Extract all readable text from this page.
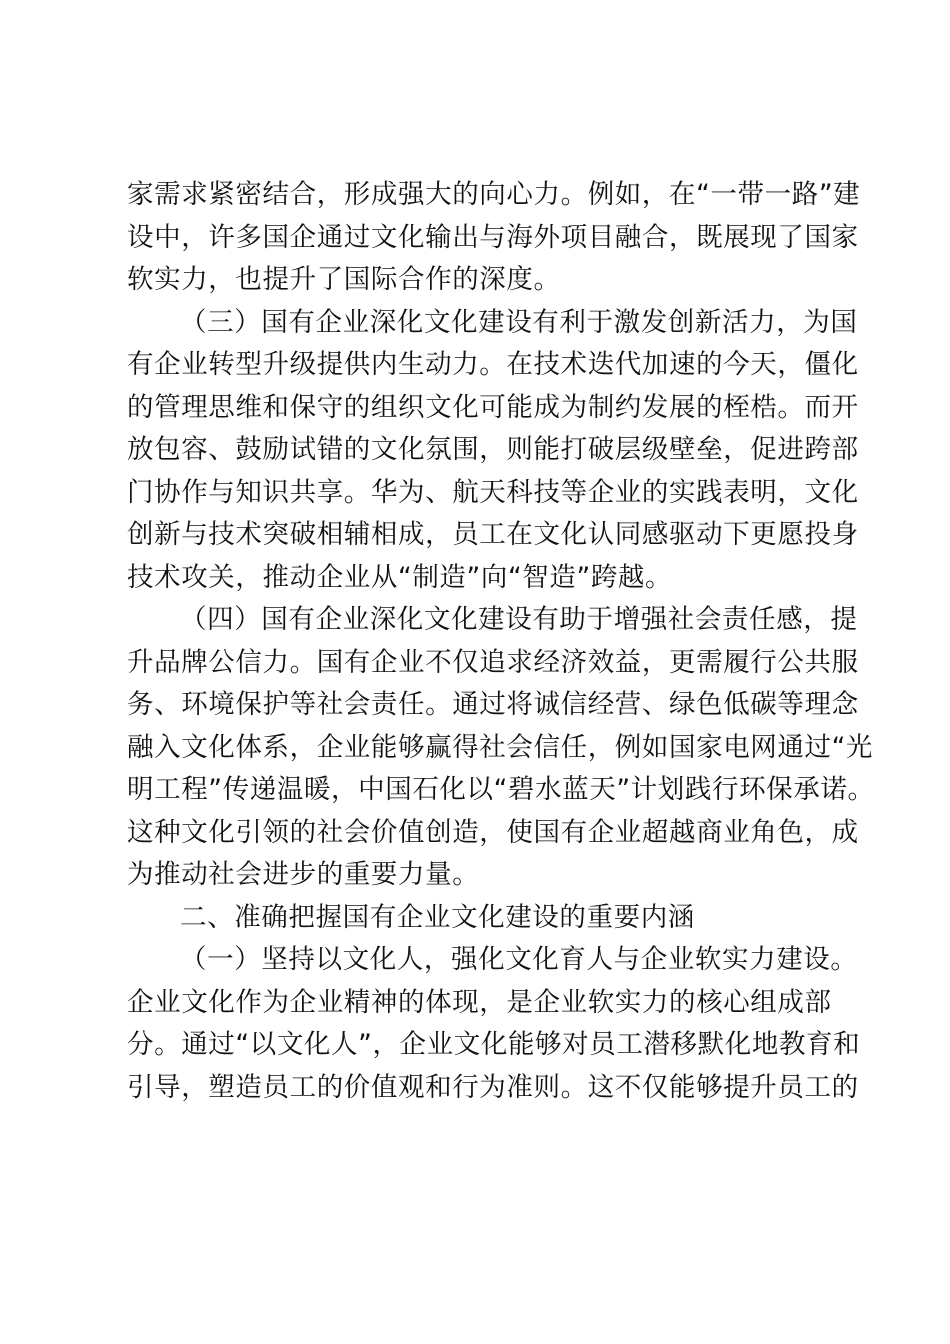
家需求紧密结合，形成强大的向心力。例如，在“一带一路”建
设中，许多国企通过文化输出与海外项目融合，既展现了国家
软实力，也提升了国际合作的深度。
（三）国有企业深化文化建设有利于激发创新活力，为国
有企业转型升级提供内生动力。在技术迭代加速的今天，僵化
的管理思维和保守的组织文化可能成为制约发展的桎梏。而开
放包容、鼓励试错的文化氛围，则能打破层级壁垒，促进跨部
门协作与知识共享。华为、航天科技等企业的实践表明，文化
创新与技术突破相辅相成，员工在文化认同感驱动下更愿投身
技术攻关，推动企业从“制造”向“智造”跨越。
（四）国有企业深化文化建设有助于增强社会责任感，提
升品牌公信力。国有企业不仅追求经济效益，更需履行公共服
务、环境保护等社会责任。通过将诚信经营、绿色低碳等理念
融入文化体系，企业能够赢得社会信任，例如国家电网通过“光
明工程”传递温暖，中国石化以“碧水蓝天”计划践行环保承诺。
这种文化引领的社会价值创造，使国有企业超越商业角色，成
为推动社会进步的重要力量。
二、准确把握国有企业文化建设的重要内涵
（一）坚持以文化人，强化文化育人与企业软实力建设。
企业文化作为企业精神的体现，是企业软实力的核心组成部
分。通过“以文化人”，企业文化能够对员工潜移默化地教育和
引导，塑造员工的价值观和行为准则。这不仅能够提升员工的
